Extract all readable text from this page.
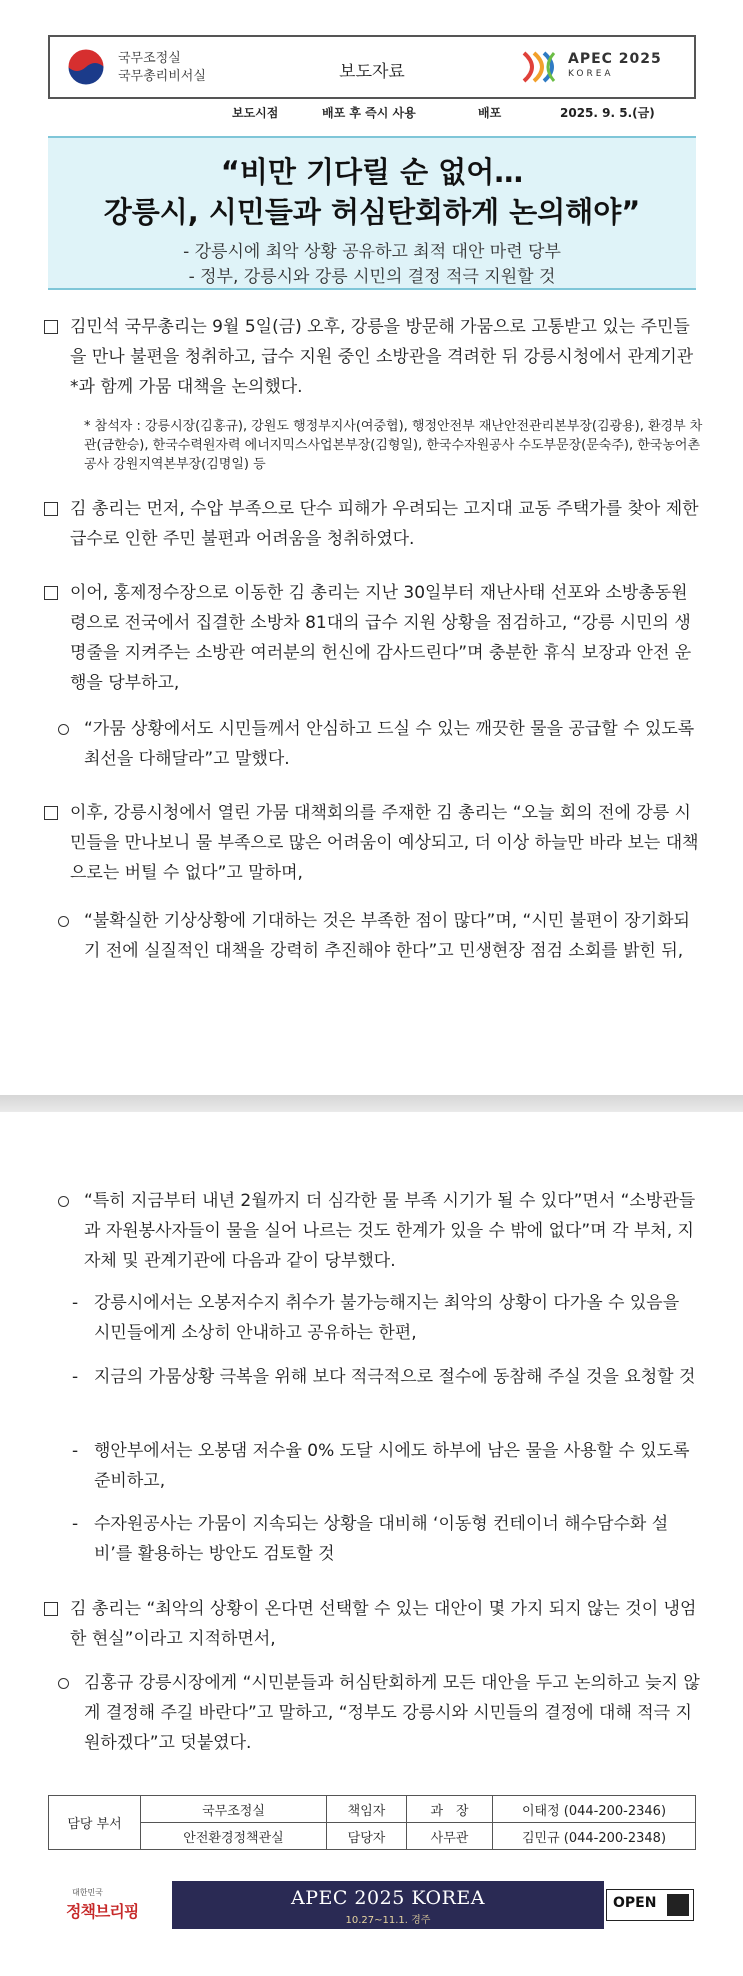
국무조정실
국무총리비서실	보도자료
APEC 2025
KOREA
보도시점	배포 후 즉시 사용	배포	2025. 9. 5.(금)
“비만 기다릴 순 없어…
강릉시, 시민들과 허심탄회하게 논의해야”
- 강릉시에 최악 상황 공유하고 최적 대안 마련 당부
- 정부, 강릉시와 강릉 시민의 결정 적극 지원할 것
김민석 국무총리는 9월 5일(금) 오후, 강릉을 방문해 가뭄으로 고통받고 있는 주민들을 만나 불편을 청취하고, 급수 지원 중인 소방관을 격려한 뒤 강릉시청에서 관계기관*과 함께 가뭄 대책을 논의했다.
* 참석자 : 강릉시장(김홍규), 강원도 행정부지사(여중협), 행정안전부 재난안전관리본부장(김광용), 환경부 차관(금한승), 한국수력원자력 에너지믹스사업본부장(김형일), 한국수자원공사 수도부문장(문숙주), 한국농어촌공사 강원지역본부장(김명일) 등
김 총리는 먼저, 수압 부족으로 단수 피해가 우려되는 고지대 교동 주택가를 찾아 제한급수로 인한 주민 불편과 어려움을 청취하였다.
이어, 홍제정수장으로 이동한 김 총리는 지난 30일부터 재난사태 선포와 소방총동원령으로 전국에서 집결한 소방차 81대의 급수 지원 상황을 점검하고, “강릉 시민의 생명줄을 지켜주는 소방관 여러분의 헌신에 감사드린다”며 충분한 휴식 보장과 안전 운행을 당부하고,
“가뭄 상황에서도 시민들께서 안심하고 드실 수 있는 깨끗한 물을 공급할 수 있도록 최선을 다해달라”고 말했다.
이후, 강릉시청에서 열린 가뭄 대책회의를 주재한 김 총리는 “오늘 회의 전에 강릉 시민들을 만나보니 물 부족으로 많은 어려움이 예상되고, 더 이상 하늘만 바라 보는 대책으로는 버틸 수 없다”고 말하며,
“불확실한 기상상황에 기대하는 것은 부족한 점이 많다”며, “시민 불편이 장기화되기 전에 실질적인 대책을 강력히 추진해야 한다”고 민생현장 점검 소회를 밝힌 뒤,
“특히 지금부터 내년 2월까지 더 심각한 물 부족 시기가 될 수 있다”면서 “소방관들과 자원봉사자들이 물을 실어 나르는 것도 한계가 있을 수 밖에 없다”며 각 부처, 지자체 및 관계기관에 다음과 같이 당부했다.
- 강릉시에서는 오봉저수지 취수가 불가능해지는 최악의 상황이 다가올 수 있음을 시민들에게 소상히 안내하고 공유하는 한편,
- 지금의 가뭄상황 극복을 위해 보다 적극적으로 절수에 동참해 주실 것을 요청할 것
- 행안부에서는 오봉댐 저수율 0% 도달 시에도 하부에 남은 물을 사용할 수 있도록 준비하고,
- 수자원공사는 가뭄이 지속되는 상황을 대비해 ‘이동형 컨테이너 해수담수화 설비’를 활용하는 방안도 검토할 것
김 총리는 “최악의 상황이 온다면 선택할 수 있는 대안이 몇 가지 되지 않는 것이 냉엄한 현실”이라고 지적하면서,
김홍규 강릉시장에게 “시민분들과 허심탄회하게 모든 대안을 두고 논의하고 늦지 않게 결정해 주길 바란다”고 말하고, “정부도 강릉시와 시민들의 결정에 대해 적극 지원하겠다”고 덧붙였다.
담당 부서	국무조정실	책임자	과　장	이태정 (044-200-2346)
	안전환경정책관실	담당자	사무관	김민규 (044-200-2348)
대한민국
정책브리핑
APEC 2025 KOREA
10.27~11.1. 경주
OPEN
